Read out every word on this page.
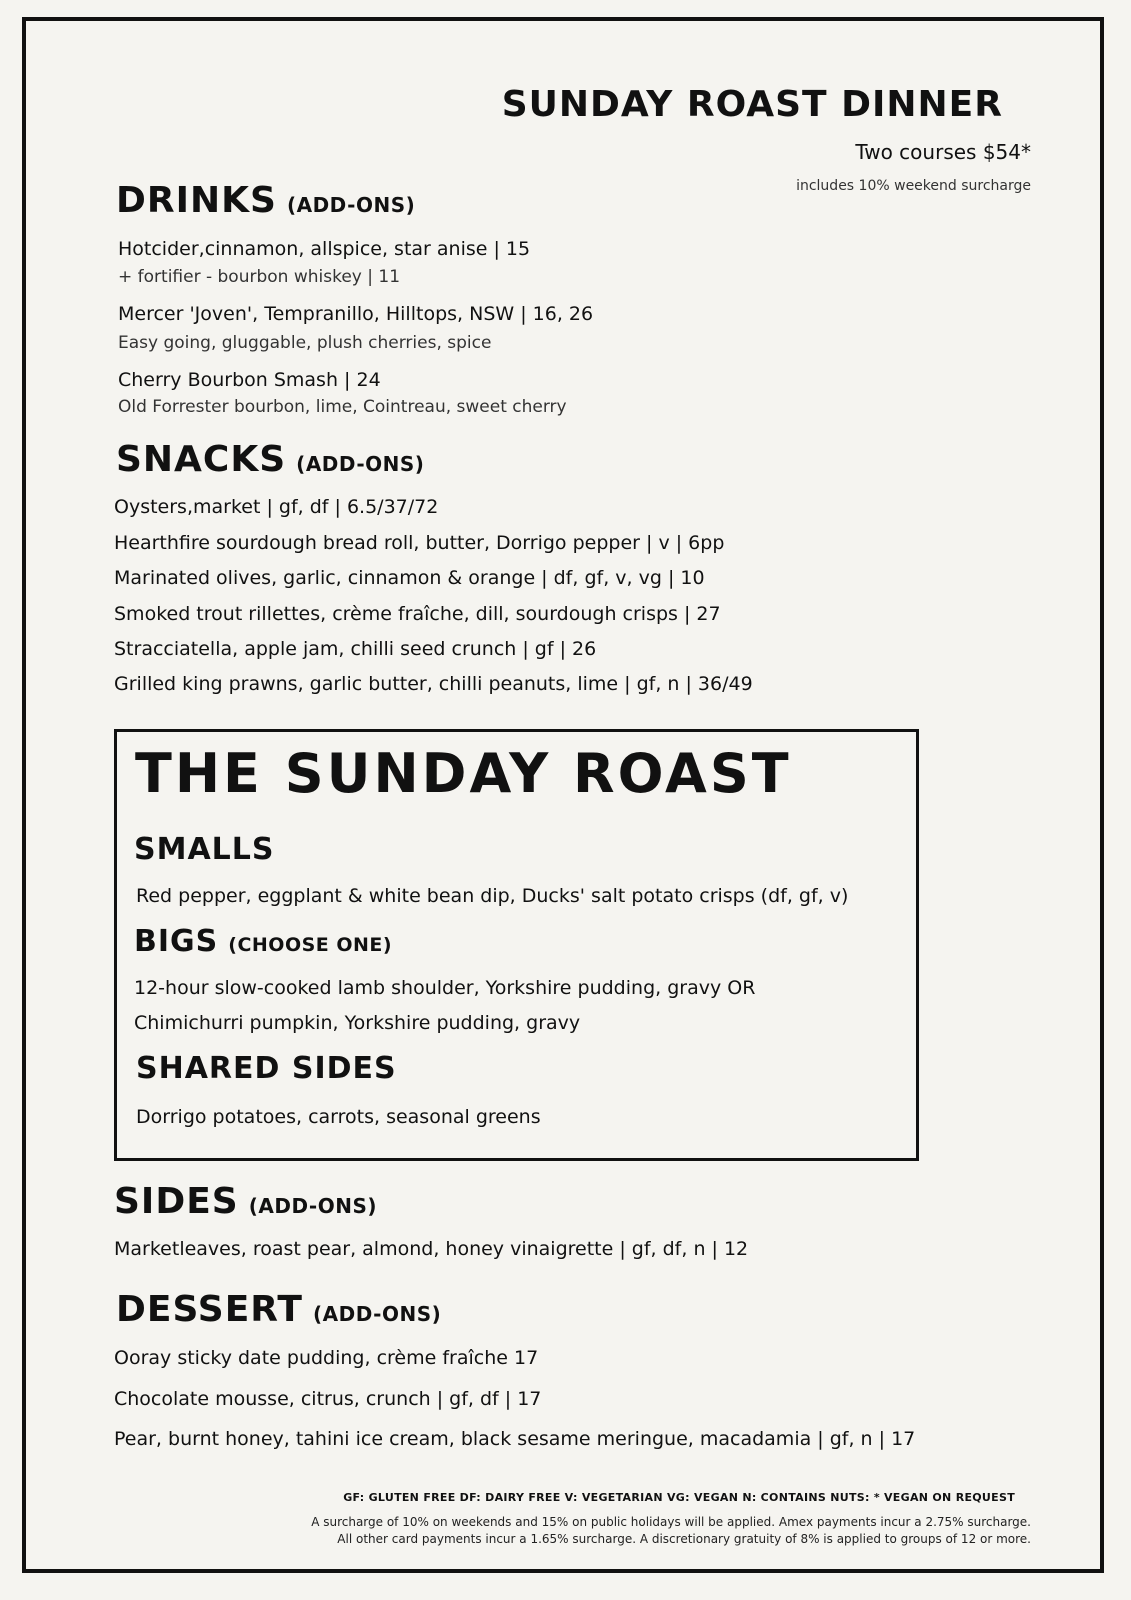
SUNDAY ROAST DINNER
Two courses $54*
includes 10% weekend surcharge
DRINKS (ADD-ONS)
Hotcider,cinnamon, allspice, star anise | 15
+ fortifier - bourbon whiskey | 11
Mercer 'Joven', Tempranillo, Hilltops, NSW | 16, 26
Easy going, gluggable, plush cherries, spice
Cherry Bourbon Smash | 24
Old Forrester bourbon, lime, Cointreau, sweet cherry
SNACKS (ADD-ONS)
Oysters,market | gf, df | 6.5/37/72
Hearthfire sourdough bread roll, butter, Dorrigo pepper | v | 6pp
Marinated olives, garlic, cinnamon & orange | df, gf, v, vg | 10
Smoked trout rillettes, crème fraîche, dill, sourdough crisps | 27
Stracciatella, apple jam, chilli seed crunch | gf | 26
Grilled king prawns, garlic butter, chilli peanuts, lime | gf, n | 36/49
THE SUNDAY ROAST
SMALLS
Red pepper, eggplant & white bean dip, Ducks' salt potato crisps (df, gf, v)
BIGS (CHOOSE ONE)
12-hour slow-cooked lamb shoulder, Yorkshire pudding, gravy OR
Chimichurri pumpkin, Yorkshire pudding, gravy
SHARED SIDES
Dorrigo potatoes, carrots, seasonal greens
SIDES (ADD-ONS)
Marketleaves, roast pear, almond, honey vinaigrette | gf, df, n | 12
DESSERT (ADD-ONS)
Ooray sticky date pudding, crème fraîche 17
Chocolate mousse, citrus, crunch | gf, df | 17
Pear, burnt honey, tahini ice cream, black sesame meringue, macadamia | gf, n | 17
GF: GLUTEN FREE DF: DAIRY FREE V: VEGETARIAN VG: VEGAN N: CONTAINS NUTS: * VEGAN ON REQUEST
A surcharge of 10% on weekends and 15% on public holidays will be applied. Amex payments incur a 2.75% surcharge.
All other card payments incur a 1.65% surcharge. A discretionary gratuity of 8% is applied to groups of 12 or more.
